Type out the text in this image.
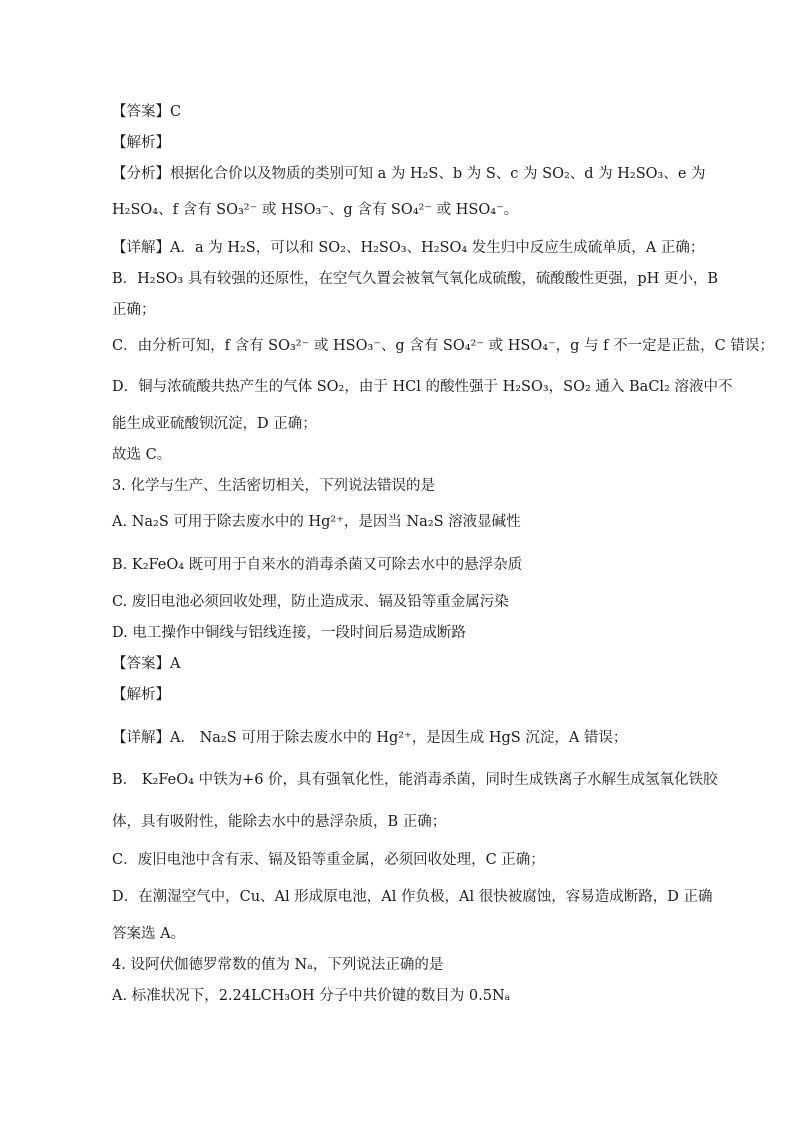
【答案】C
【解析】
【分析】根据化合价以及物质的类别可知 a 为 H₂S、b 为 S、c 为 SO₂、d 为 H₂SO₃、e 为
H₂SO₄、f 含有 SO₃²⁻ 或 HSO₃⁻、g 含有 SO₄²⁻ 或 HSO₄⁻。
【详解】A．a 为 H₂S，可以和 SO₂、H₂SO₃、H₂SO₄ 发生归中反应生成硫单质，A 正确；
B．H₂SO₃ 具有较强的还原性，在空气久置会被氧气氧化成硫酸，硫酸酸性更强，pH 更小，B
正确；
C．由分析可知，f 含有 SO₃²⁻ 或 HSO₃⁻、g 含有 SO₄²⁻ 或 HSO₄⁻，g 与 f 不一定是正盐，C 错误；
D．铜与浓硫酸共热产生的气体 SO₂，由于 HCl 的酸性强于 H₂SO₃，SO₂ 通入 BaCl₂ 溶液中不
能生成亚硫酸钡沉淀，D 正确；
故选 C。
3. 化学与生产、生活密切相关，下列说法错误的是
A. Na₂S 可用于除去废水中的 Hg²⁺，是因当 Na₂S 溶液显碱性
B. K₂FeO₄ 既可用于自来水的消毒杀菌又可除去水中的悬浮杂质
C. 废旧电池必须回收处理，防止造成汞、镉及铅等重金属污染
D. 电工操作中铜线与铝线连接，一段时间后易造成断路
【答案】A
【解析】
【详解】A． Na₂S 可用于除去废水中的 Hg²⁺，是因生成 HgS 沉淀，A 错误；
B． K₂FeO₄ 中铁为+6 价，具有强氧化性，能消毒杀菌，同时生成铁离子水解生成氢氧化铁胶
体，具有吸附性，能除去水中的悬浮杂质，B 正确；
C．废旧电池中含有汞、镉及铅等重金属，必须回收处理，C 正确；
D．在潮湿空气中，Cu、Al 形成原电池，Al 作负极，Al 很快被腐蚀，容易造成断路，D 正确
答案选 A。
4. 设阿伏伽德罗常数的值为 Nₐ，下列说法正确的是
A. 标准状况下，2.24LCH₃OH 分子中共价键的数目为 0.5Nₐ
